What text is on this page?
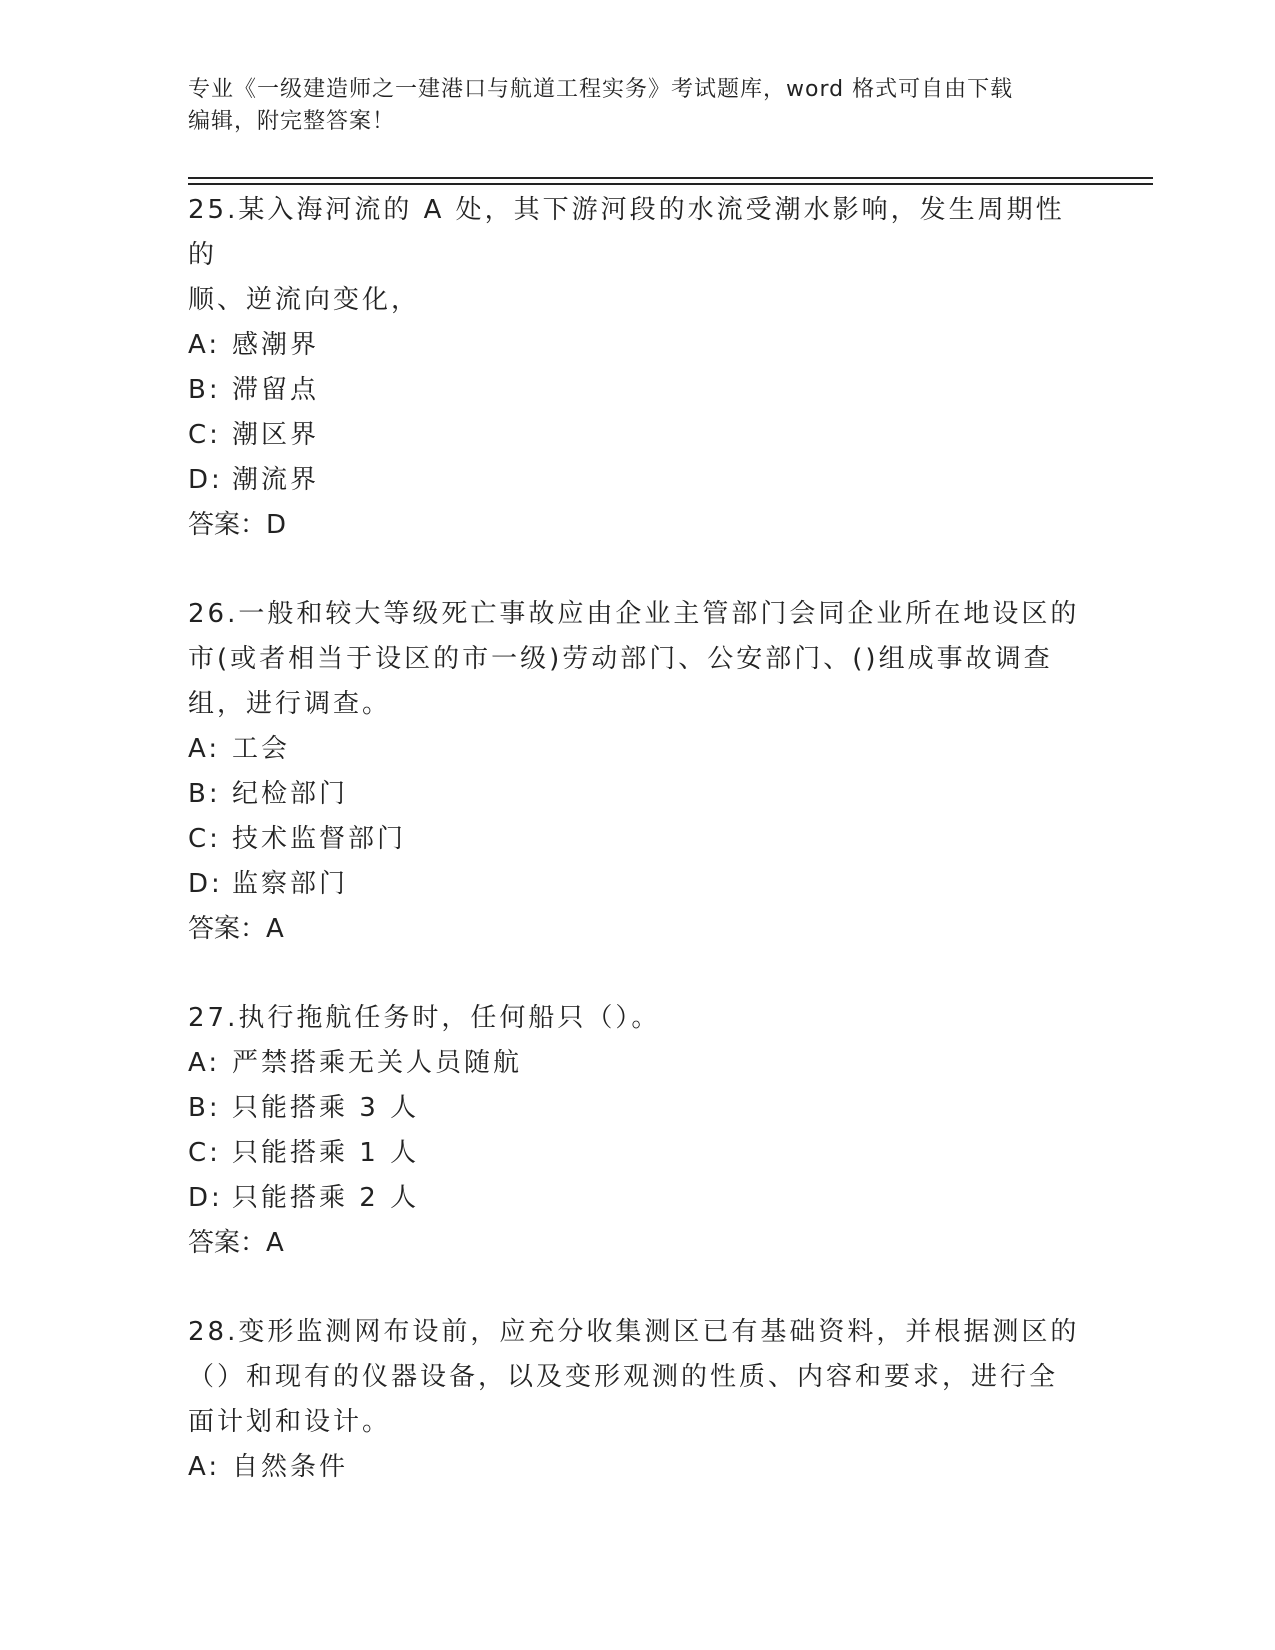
专业《一级建造师之一建港口与航道工程实务》考试题库，word 格式可自由下载
编辑，附完整答案！

25.某入海河流的 A 处，其下游河段的水流受潮水影响，发生周期性的

顺、逆流向变化，

A: 感潮界

B: 滞留点

C: 潮区界

D: 潮流界

答案：D

26.一般和较大等级死亡事故应由企业主管部门会同企业所在地设区的

市(或者相当于设区的市一级)劳动部门、公安部门、()组成事故调查

组，进行调查。

A: 工会

B: 纪检部门

C: 技术监督部门

D: 监察部门

答案：A

27.执行拖航任务时，任何船只（）。

A: 严禁搭乘无关人员随航

B: 只能搭乘 3 人

C: 只能搭乘 1 人

D: 只能搭乘 2 人

答案：A

28.变形监测网布设前，应充分收集测区已有基础资料，并根据测区的

（）和现有的仪器设备，以及变形观测的性质、内容和要求，进行全

面计划和设计。

A: 自然条件
